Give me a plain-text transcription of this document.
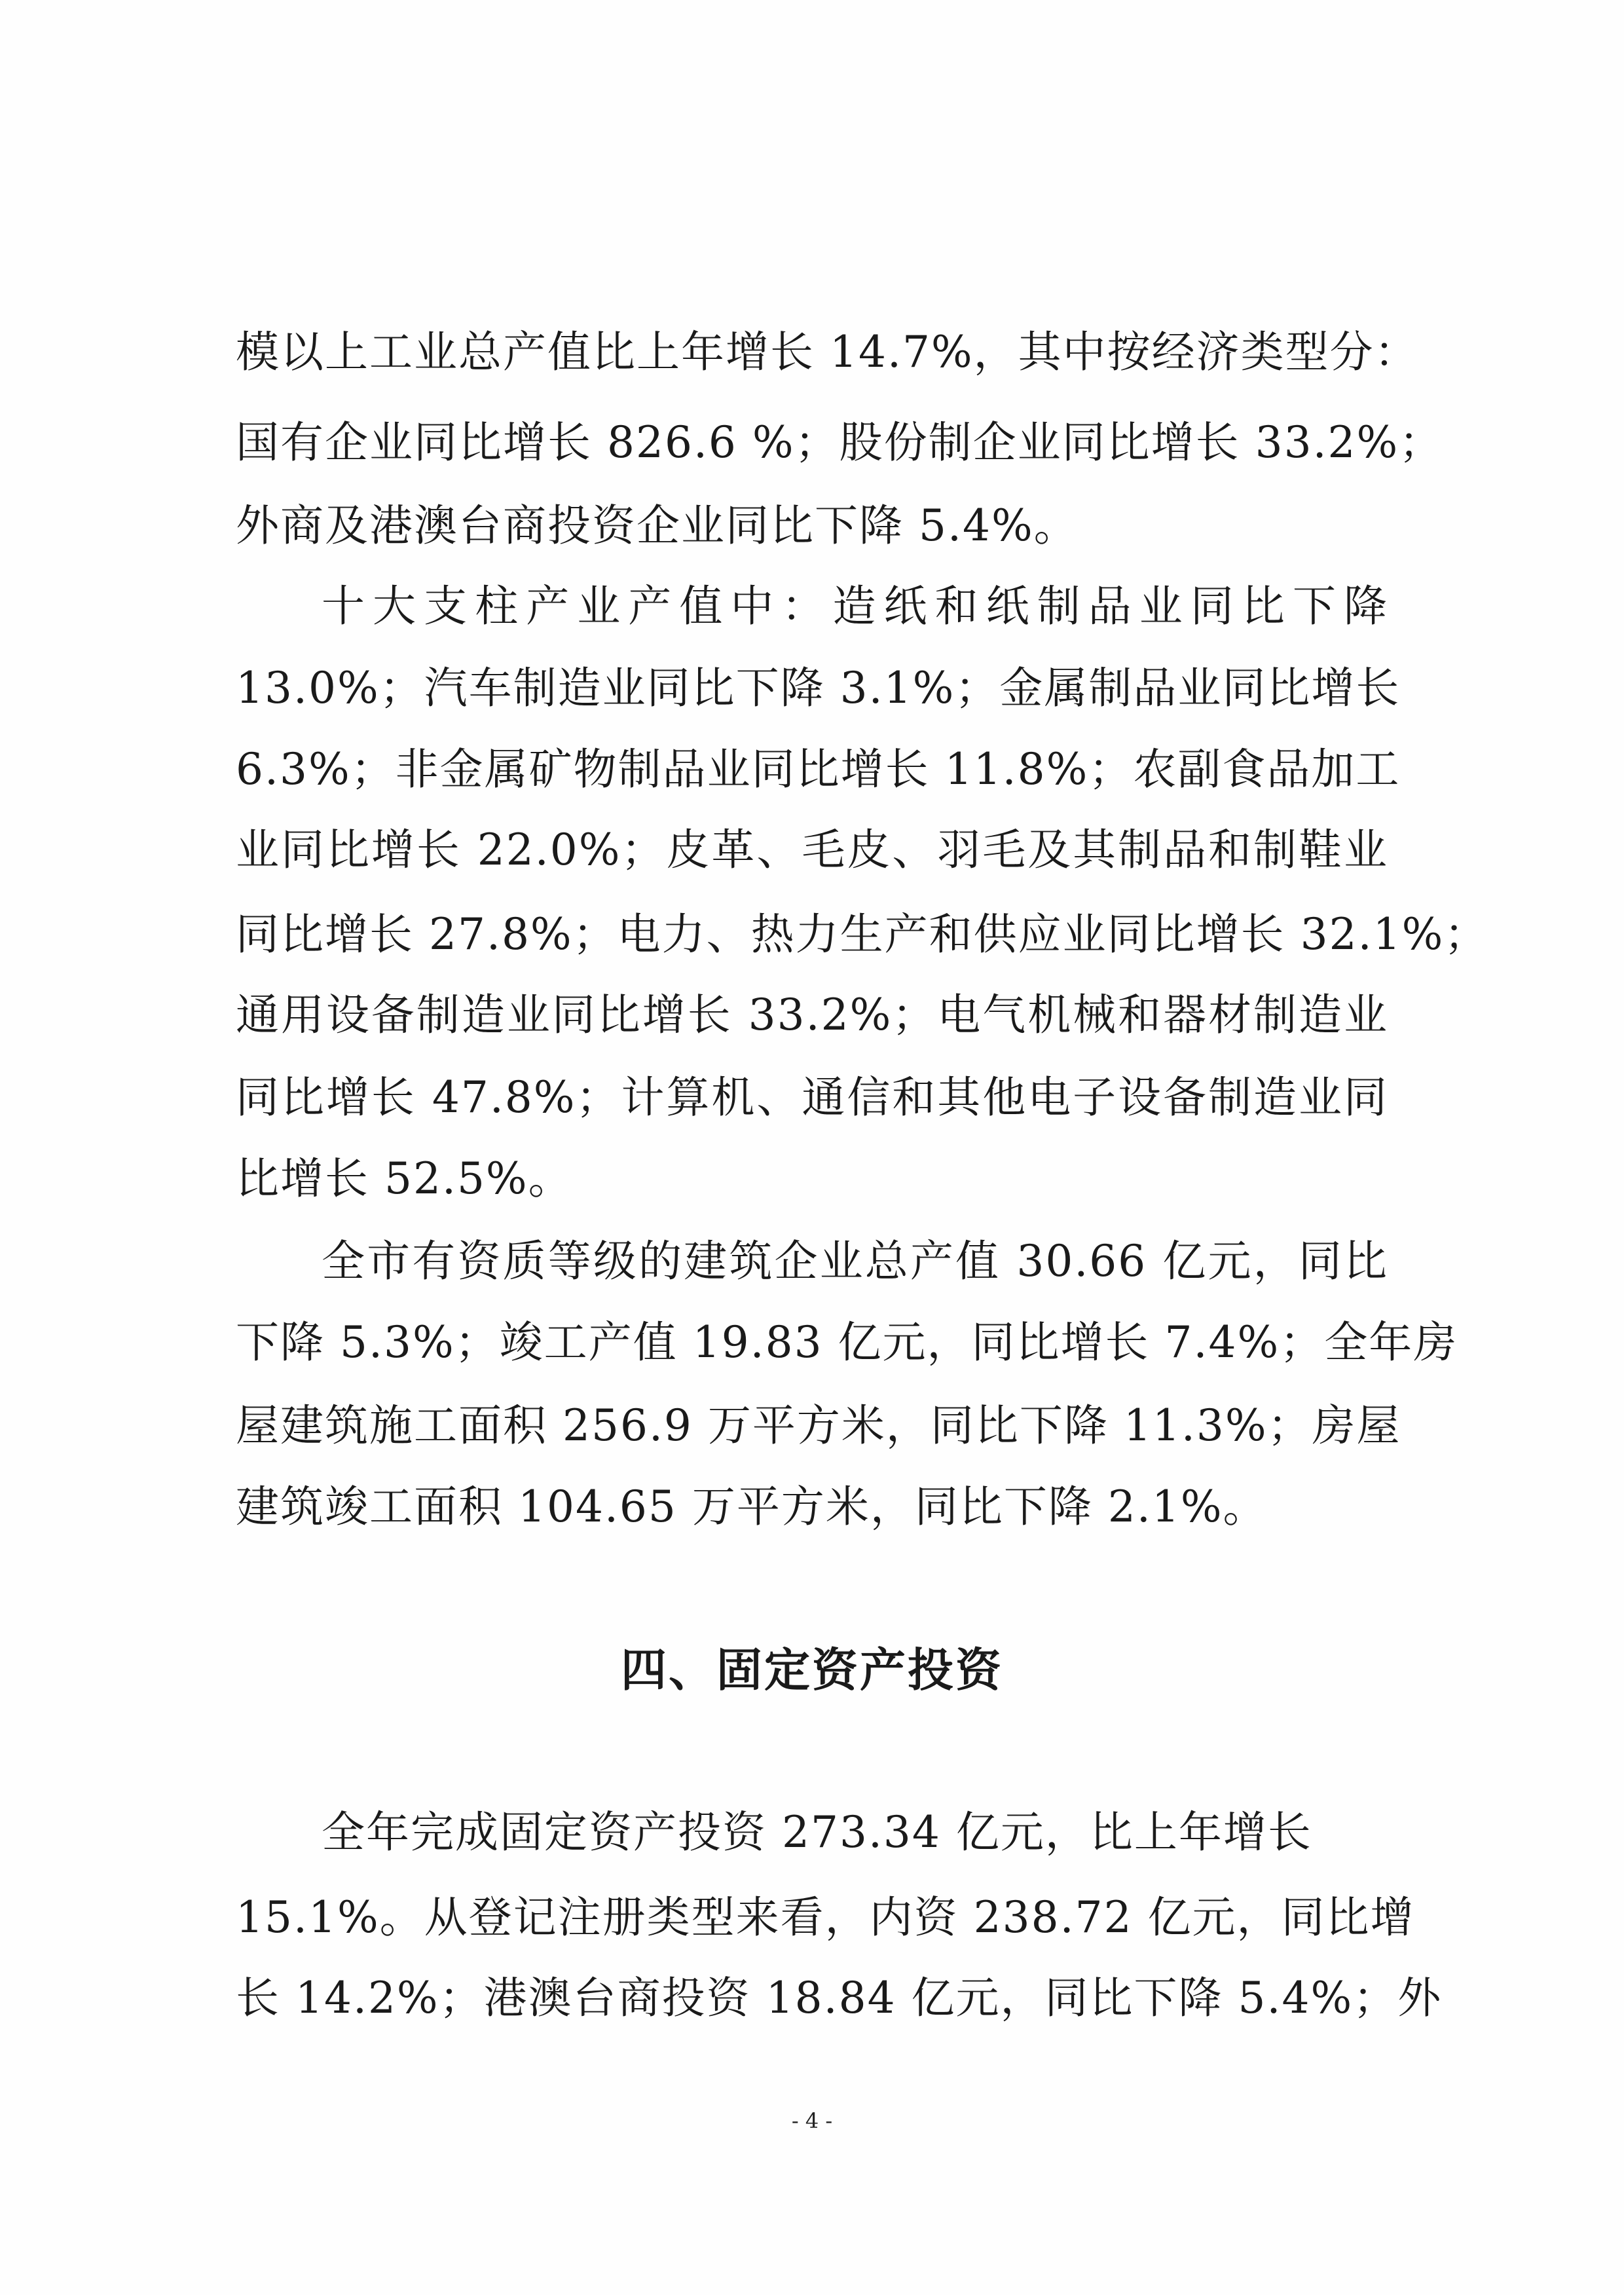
模以上工业总产值比上年增长 14.7%，其中按经济类型分：
国有企业同比增长 826.6 %；股份制企业同比增长 33.2%；
外商及港澳台商投资企业同比下降 5.4%。
十大支柱产业产值中：造纸和纸制品业同比下降
13.0%；汽车制造业同比下降 3.1%；金属制品业同比增长
6.3%；非金属矿物制品业同比增长 11.8%；农副食品加工
业同比增长 22.0%；皮革、毛皮、羽毛及其制品和制鞋业
同比增长 27.8%；电力、热力生产和供应业同比增长 32.1%；
通用设备制造业同比增长 33.2%；电气机械和器材制造业
同比增长 47.8%；计算机、通信和其他电子设备制造业同
比增长 52.5%。
全市有资质等级的建筑企业总产值 30.66 亿元，同比
下降 5.3%；竣工产值 19.83 亿元，同比增长 7.4%；全年房
屋建筑施工面积 256.9 万平方米，同比下降 11.3%；房屋
建筑竣工面积 104.65 万平方米，同比下降 2.1%。
四、固定资产投资
全年完成固定资产投资 273.34 亿元，比上年增长
15.1%。从登记注册类型来看，内资 238.72 亿元，同比增
长 14.2%；港澳台商投资 18.84 亿元，同比下降 5.4%；外
- 4 -
